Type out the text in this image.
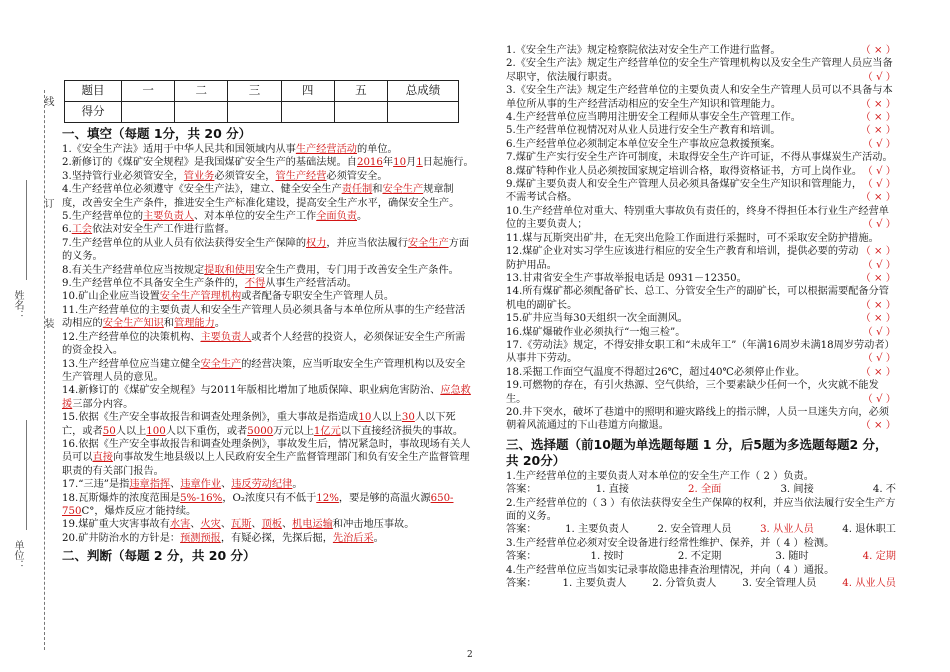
线
订
装
姓名：
单位：
题目	一	二	三	四	五	总成绩
得分						
一、填空（每题 1分，共 20 分）

1.《安全生产法》适用于中华人民共和国领域内从事生产经营活动的单位。

2.新修订的《煤矿安全规程》是我国煤矿安全生产的基础法规。自2016年10月1日起施行。

3.坚持管行业必须管安全，管业务必须管安全，管生产经营必须管安全。

4.生产经营单位必须遵守《安全生产法》，建立、健全安全生产责任制和安全生产规章制度，改善安全生产条件，推进安全生产标准化建设，提高安全生产水平，确保安全生产。

5.生产经营单位的主要负责人、对本单位的安全生产工作全面负责。

6.工会依法对安全生产工作进行监督。

7.生产经营单位的从业人员有依法获得安全生产保障的权力，并应当依法履行安全生产方面的义务。

8.有关生产经营单位应当按规定提取和使用安全生产费用，专门用于改善安全生产条件。

9.生产经营单位不具备安全生产条件的，不得从事生产经营活动。

10.矿山企业应当设置安全生产管理机构或者配备专职安全生产管理人员。

11.生产经营单位的主要负责人和安全生产管理人员必须具备与本单位所从事的生产经营活动相应的安全生产知识和管理能力。

12.生产经营单位的决策机构、主要负责人或者个人经营的投资人，必须保证安全生产所需的资金投入。

13.生产经营单位应当建立健全安全生产的经营决策，应当听取安全生产管理机构以及安全生产管理人员的意见。

14.新修订的《煤矿安全规程》与2011年版相比增加了地质保障、职业病危害防治、应急救援三部分内容。

15.依据《生产安全事故报告和调查处理条例》，重大事故是指造成10人以上30人以下死亡，或者50人以上100人以下重伤，或者5000万元以上1亿元以下直接经济损失的事故。

16.依据《生产安全事故报告和调查处理条例》，事故发生后，情况紧急时，事故现场有关人员可以直接向事故发生地县级以上人民政府安全生产监督管理部门和负有安全生产监督管理职责的有关部门报告。

17.“三违”是指违章指挥、违章作业、违反劳动纪律。

18.瓦斯爆炸的浓度范围是5%-16%，O₂浓度只有不低于12%，要是够的高温火源650-750C°，爆炸反应才能持续。

19.煤矿重大灾害事故有水害、火灾、瓦斯、顶板、机电运输和冲击地压事故。

20.矿井防治水的方针是：预测预报，有疑必探，先探后掘，先治后采。

二、判断（每题 2 分，共 20 分）

1.《安全生产法》规定检察院依法对安全生产工作进行监督。	（ × ）

2.《安全生产法》规定生产经营单位的安全生产管理机构以及安全生产管理人员应当备尽职守，依法履行职责。	（ √ ）

3.《安全生产法》规定生产经营单位的主要负责人和安全生产管理人员可以不具备与本单位所从事的生产经营活动相应的安全生产知识和管理能力。	（ × ）

4.生产经营单位应当聘用注册安全工程师从事安全生产管理工作。	（ × ）

5.生产经营单位视情况对从业人员进行安全生产教育和培训。	（ × ）

6.生产经营单位必须制定本单位安全生产事故应急救援预案。	（ √ ）

7.煤矿生产实行安全生产许可制度，未取得安全生产许可证，不得从事煤炭生产活动。
（ √ ）

8.煤矿特种作业人员必须按国家规定培训合格，取得资格证书，方可上岗作业。
（ √ ）

9.煤矿主要负责人和安全生产管理人员必须具备煤矿安全生产知识和管理能力，不需考试合格。	（ × ）

10.生产经营单位对重大、特别重大事故负有责任的，终身不得担任本行业生产经营单位的主要负责人；	（ √ ）

11.煤与瓦斯突出矿井，在无突出危险工作面进行采掘时，可不采取安全防护措施。
（ × ）

12.煤矿企业对实习学生应该进行相应的安全生产教育和培训，提供必要的劳动防护用品。	（ √ ）

13.甘肃省安全生产事故举报电话是 0931－12350。	（ × ）

14.所有煤矿都必须配备矿长、总工、分管安全生产的副矿长，可以根据需要配备分管机电的副矿长。	（ × ）

15.矿井应当每30天组织一次全面测风。	（ × ）

16.煤矿爆破作业必须执行“一炮三检”。	（ √ ）

17.《劳动法》规定，不得安排女职工和“未成年工”（年满16周岁未满18周岁劳动者）从事井下劳动。	（ √ ）

18.采掘工作面空气温度不得超过26℃，超过40℃必须停止作业。	（ × ）

19.可燃物的存在，有引火热源、空气供给，三个要素缺少任何一个，火灾就不能发生。	（ √ ）

20.井下突水，破坏了巷道中的照明和避灾路线上的指示牌，人员一旦迷失方向，必须朝着风流通过的下山巷道方向撤退。	（ × ）

三、选择题（前10题为单选题每题 1 分，后5题为多选题每题2 分，共 20分）

1.生产经营单位的主要负责人对本单位的安全生产工作（ 2 ）负责。

答案：	1. 直接	2. 全面	3. 间接	4. 不

2.生产经营单位的（ 3 ）有依法获得安全生产保障的权利，并应当依法履行安全生产方面的义务。

答案：	1. 主要负责人	2. 安全管理人员	3. 从业人员	4. 退休职工

3.生产经营单位必须对安全设备进行经常性维护、保养，并（ 4 ）检测。

答案：	1. 按时	2. 不定期	3. 随时	4. 定期

4.生产经营单位应当如实记录事故隐患排查治理情况，并向（ 4 ）通报。

答案：	1. 主要负责人	2. 分管负责人	3. 安全管理人员	4. 从业人员
2
